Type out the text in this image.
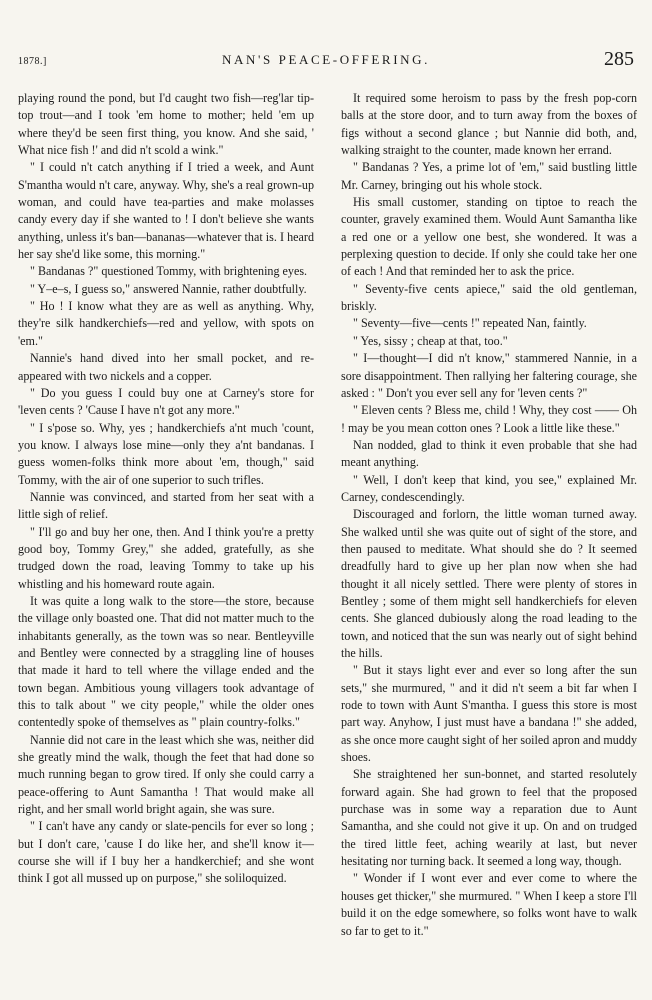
1878.]	NAN'S PEACE-OFFERING.	285

playing round the pond, but I'd caught two fish—reg'lar tip-top trout—and I took 'em home to mother; held 'em up where they'd be seen first thing, you know. And she said, ' What nice fish !' and did n't scold a wink."

" I could n't catch anything if I tried a week, and Aunt S'mantha would n't care, anyway. Why, she's a real grown-up woman, and could have tea-parties and make molasses candy every day if she wanted to ! I don't believe she wants anything, unless it's ban—bananas—whatever that is. I heard her say she'd like some, this morning."

" Bandanas ?" questioned Tommy, with brightening eyes.

" Y–e–s, I guess so," answered Nannie, rather doubtfully.

" Ho ! I know what they are as well as anything. Why, they're silk handkerchiefs—red and yellow, with spots on 'em."

Nannie's hand dived into her small pocket, and re-appeared with two nickels and a copper.

" Do you guess I could buy one at Carney's store for 'leven cents ? 'Cause I have n't got any more."

" I s'pose so. Why, yes ; handkerchiefs a'nt much 'count, you know. I always lose mine—only they a'nt bandanas. I guess women-folks think more about 'em, though," said Tommy, with the air of one superior to such trifles.

Nannie was convinced, and started from her seat with a little sigh of relief.

" I'll go and buy her one, then. And I think you're a pretty good boy, Tommy Grey," she added, gratefully, as she trudged down the road, leaving Tommy to take up his whistling and his homeward route again.

It was quite a long walk to the store—the store, because the village only boasted one. That did not matter much to the inhabitants generally, as the town was so near. Bentleyville and Bentley were connected by a straggling line of houses that made it hard to tell where the village ended and the town began. Ambitious young villagers took advantage of this to talk about " we city people," while the older ones contentedly spoke of themselves as " plain country-folks."

Nannie did not care in the least which she was, neither did she greatly mind the walk, though the feet that had done so much running began to grow tired. If only she could carry a peace-offering to Aunt Samantha ! That would make all right, and her small world bright again, she was sure.

" I can't have any candy or slate-pencils for ever so long ; but I don't care, 'cause I do like her, and she'll know it—course she will if I buy her a handkerchief; and she wont think I got all mussed up on purpose," she soliloquized.

It required some heroism to pass by the fresh pop-corn balls at the store door, and to turn away from the boxes of figs without a second glance ; but Nannie did both, and, walking straight to the counter, made known her errand.

" Bandanas ? Yes, a prime lot of 'em," said bustling little Mr. Carney, bringing out his whole stock.

His small customer, standing on tiptoe to reach the counter, gravely examined them. Would Aunt Samantha like a red one or a yellow one best, she wondered. It was a perplexing question to decide. If only she could take her one of each ! And that reminded her to ask the price.

" Seventy-five cents apiece," said the old gentleman, briskly.

" Seventy—five—cents !" repeated Nan, faintly.

" Yes, sissy ; cheap at that, too."

" I—thought—I did n't know," stammered Nannie, in a sore disappointment. Then rallying her faltering courage, she asked : " Don't you ever sell any for 'leven cents ?"

" Eleven cents ? Bless me, child ! Why, they cost —— Oh ! may be you mean cotton ones ? Look a little like these."

Nan nodded, glad to think it even probable that she had meant anything.

" Well, I don't keep that kind, you see," explained Mr. Carney, condescendingly.

Discouraged and forlorn, the little woman turned away. She walked until she was quite out of sight of the store, and then paused to meditate. What should she do ? It seemed dreadfully hard to give up her plan now when she had thought it all nicely settled. There were plenty of stores in Bentley ; some of them might sell handkerchiefs for eleven cents. She glanced dubiously along the road leading to the town, and noticed that the sun was nearly out of sight behind the hills.

" But it stays light ever and ever so long after the sun sets," she murmured, " and it did n't seem a bit far when I rode to town with Aunt S'mantha. I guess this store is most part way. Anyhow, I just must have a bandana !" she added, as she once more caught sight of her soiled apron and muddy shoes.

She straightened her sun-bonnet, and started resolutely forward again. She had grown to feel that the proposed purchase was in some way a reparation due to Aunt Samantha, and she could not give it up. On and on trudged the tired little feet, aching wearily at last, but never hesitating nor turning back. It seemed a long way, though.

" Wonder if I wont ever and ever come to where the houses get thicker," she murmured. " When I keep a store I'll build it on the edge somewhere, so folks wont have to walk so far to get to it."
